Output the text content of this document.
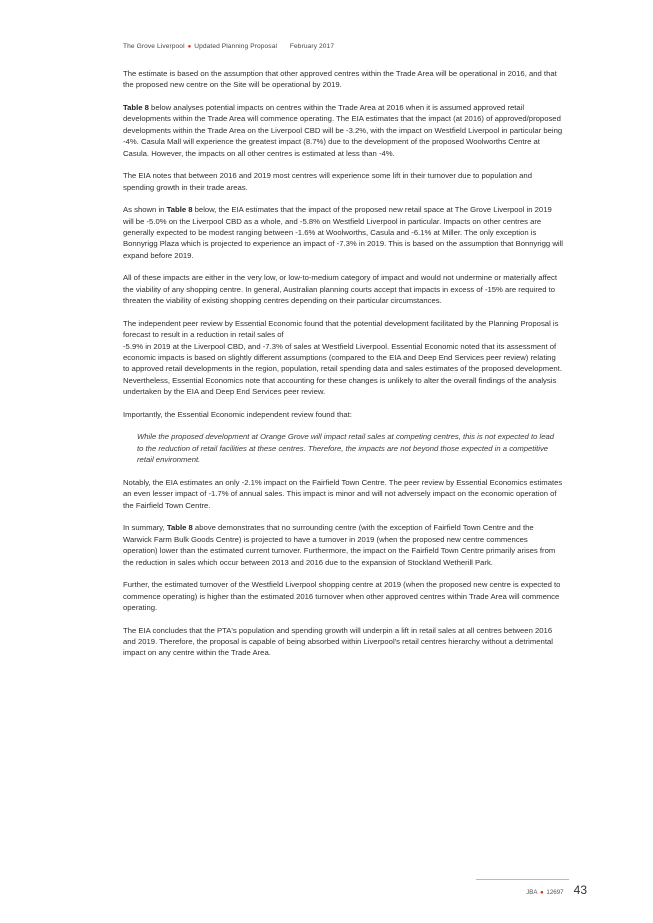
The Grove Liverpool ● Updated Planning Proposal February 2017

The estimate is based on the assumption that other approved centres within the Trade Area will be operational in 2016, and that the proposed new centre on the Site will be operational by 2019.

Table 8 below analyses potential impacts on centres within the Trade Area at 2016 when it is assumed approved retail developments within the Trade Area will commence operating. The EIA estimates that the impact (at 2016) of approved/proposed developments within the Trade Area on the Liverpool CBD will be -3.2%, with the impact on Westfield Liverpool in particular being -4%. Casula Mall will experience the greatest impact (8.7%) due to the development of the proposed Woolworths Centre at Casula. However, the impacts on all other centres is estimated at less than -4%.

The EIA notes that between 2016 and 2019 most centres will experience some lift in their turnover due to population and spending growth in their trade areas.

As shown in Table 8 below, the EIA estimates that the impact of the proposed new retail space at The Grove Liverpool in 2019 will be -5.0% on the Liverpool CBD as a whole, and -5.8% on Westfield Liverpool in particular. Impacts on other centres are generally expected to be modest ranging between -1.6% at Woolworths, Casula and -6.1% at Miller. The only exception is Bonnyrigg Plaza which is projected to experience an impact of -7.3% in 2019. This is based on the assumption that Bonnyrigg will expand before 2019.

All of these impacts are either in the very low, or low-to-medium category of impact and would not undermine or materially affect the viability of any shopping centre. In general, Australian planning courts accept that impacts in excess of -15% are required to threaten the viability of existing shopping centres depending on their particular circumstances.

The independent peer review by Essential Economic found that the potential development facilitated by the Planning Proposal is forecast to result in a reduction in retail sales of
-5.9% in 2019 at the Liverpool CBD, and -7.3% of sales at Westfield Liverpool. Essential Economic noted that its assessment of economic impacts is based on slightly different assumptions (compared to the EIA and Deep End Services peer review) relating to approved retail developments in the region, population, retail spending data and sales estimates of the proposed development. Nevertheless, Essential Economics note that accounting for these changes is unlikely to alter the overall findings of the analysis undertaken by the EIA and Deep End Services peer review.

Importantly, the Essential Economic independent review found that:

While the proposed development at Orange Grove will impact retail sales at competing centres, this is not expected to lead to the reduction of retail facilities at these centres. Therefore, the impacts are not beyond those expected in a competitive retail environment.

Notably, the EIA estimates an only -2.1% impact on the Fairfield Town Centre. The peer review by Essential Economics estimates an even lesser impact of -1.7% of annual sales. This impact is minor and will not adversely impact on the economic operation of the Fairfield Town Centre.

In summary, Table 8 above demonstrates that no surrounding centre (with the exception of Fairfield Town Centre and the Warwick Farm Bulk Goods Centre) is projected to have a turnover in 2019 (when the proposed new centre commences operation) lower than the estimated current turnover. Furthermore, the impact on the Fairfield Town Centre primarily arises from the reduction in sales which occur between 2013 and 2016 due to the expansion of Stockland Wetherill Park.

Further, the estimated turnover of the Westfield Liverpool shopping centre at 2019 (when the proposed new centre is expected to commence operating) is higher than the estimated 2016 turnover when other approved centres within Trade Area will commence operating.

The EIA concludes that the PTA's population and spending growth will underpin a lift in retail sales at all centres between 2016 and 2019. Therefore, the proposal is capable of being absorbed within Liverpool's retail centres hierarchy without a detrimental impact on any centre within the Trade Area.

JBA ● 12697 43
